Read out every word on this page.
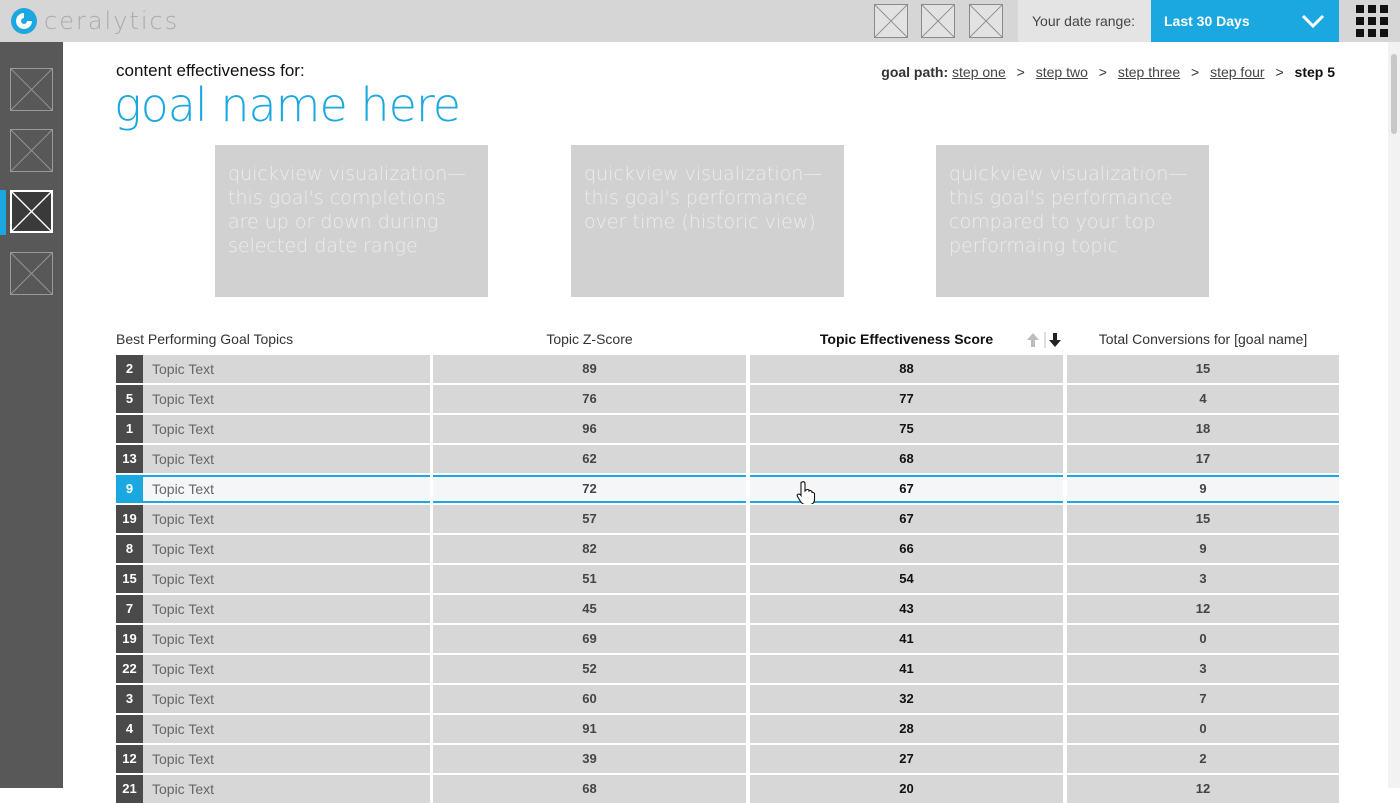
ceralytics	Your date range: Last 30 Days
content effectiveness for:
goal name here
goal path: step one > step two > step three > step four > step 5
quickview visualization—this goal's completions are up or down during selected date range
quickview visualization—this goal's performance over time (historic view)
quickview visualization—this goal's performance compared to your top performaing topic
Best Performing Goal Topics	Topic Z-Score	Topic Effectiveness Score	Total Conversions for [goal name]
2	Topic Text	89	88	15
5	Topic Text	76	77	4
1	Topic Text	96	75	18
13	Topic Text	62	68	17
9	Topic Text	72	67	9
19	Topic Text	57	67	15
8	Topic Text	82	66	9
15	Topic Text	51	54	3
7	Topic Text	45	43	12
19	Topic Text	69	41	0
22	Topic Text	52	41	3
3	Topic Text	60	32	7
4	Topic Text	91	28	0
12	Topic Text	39	27	2
21	Topic Text	68	20	12
